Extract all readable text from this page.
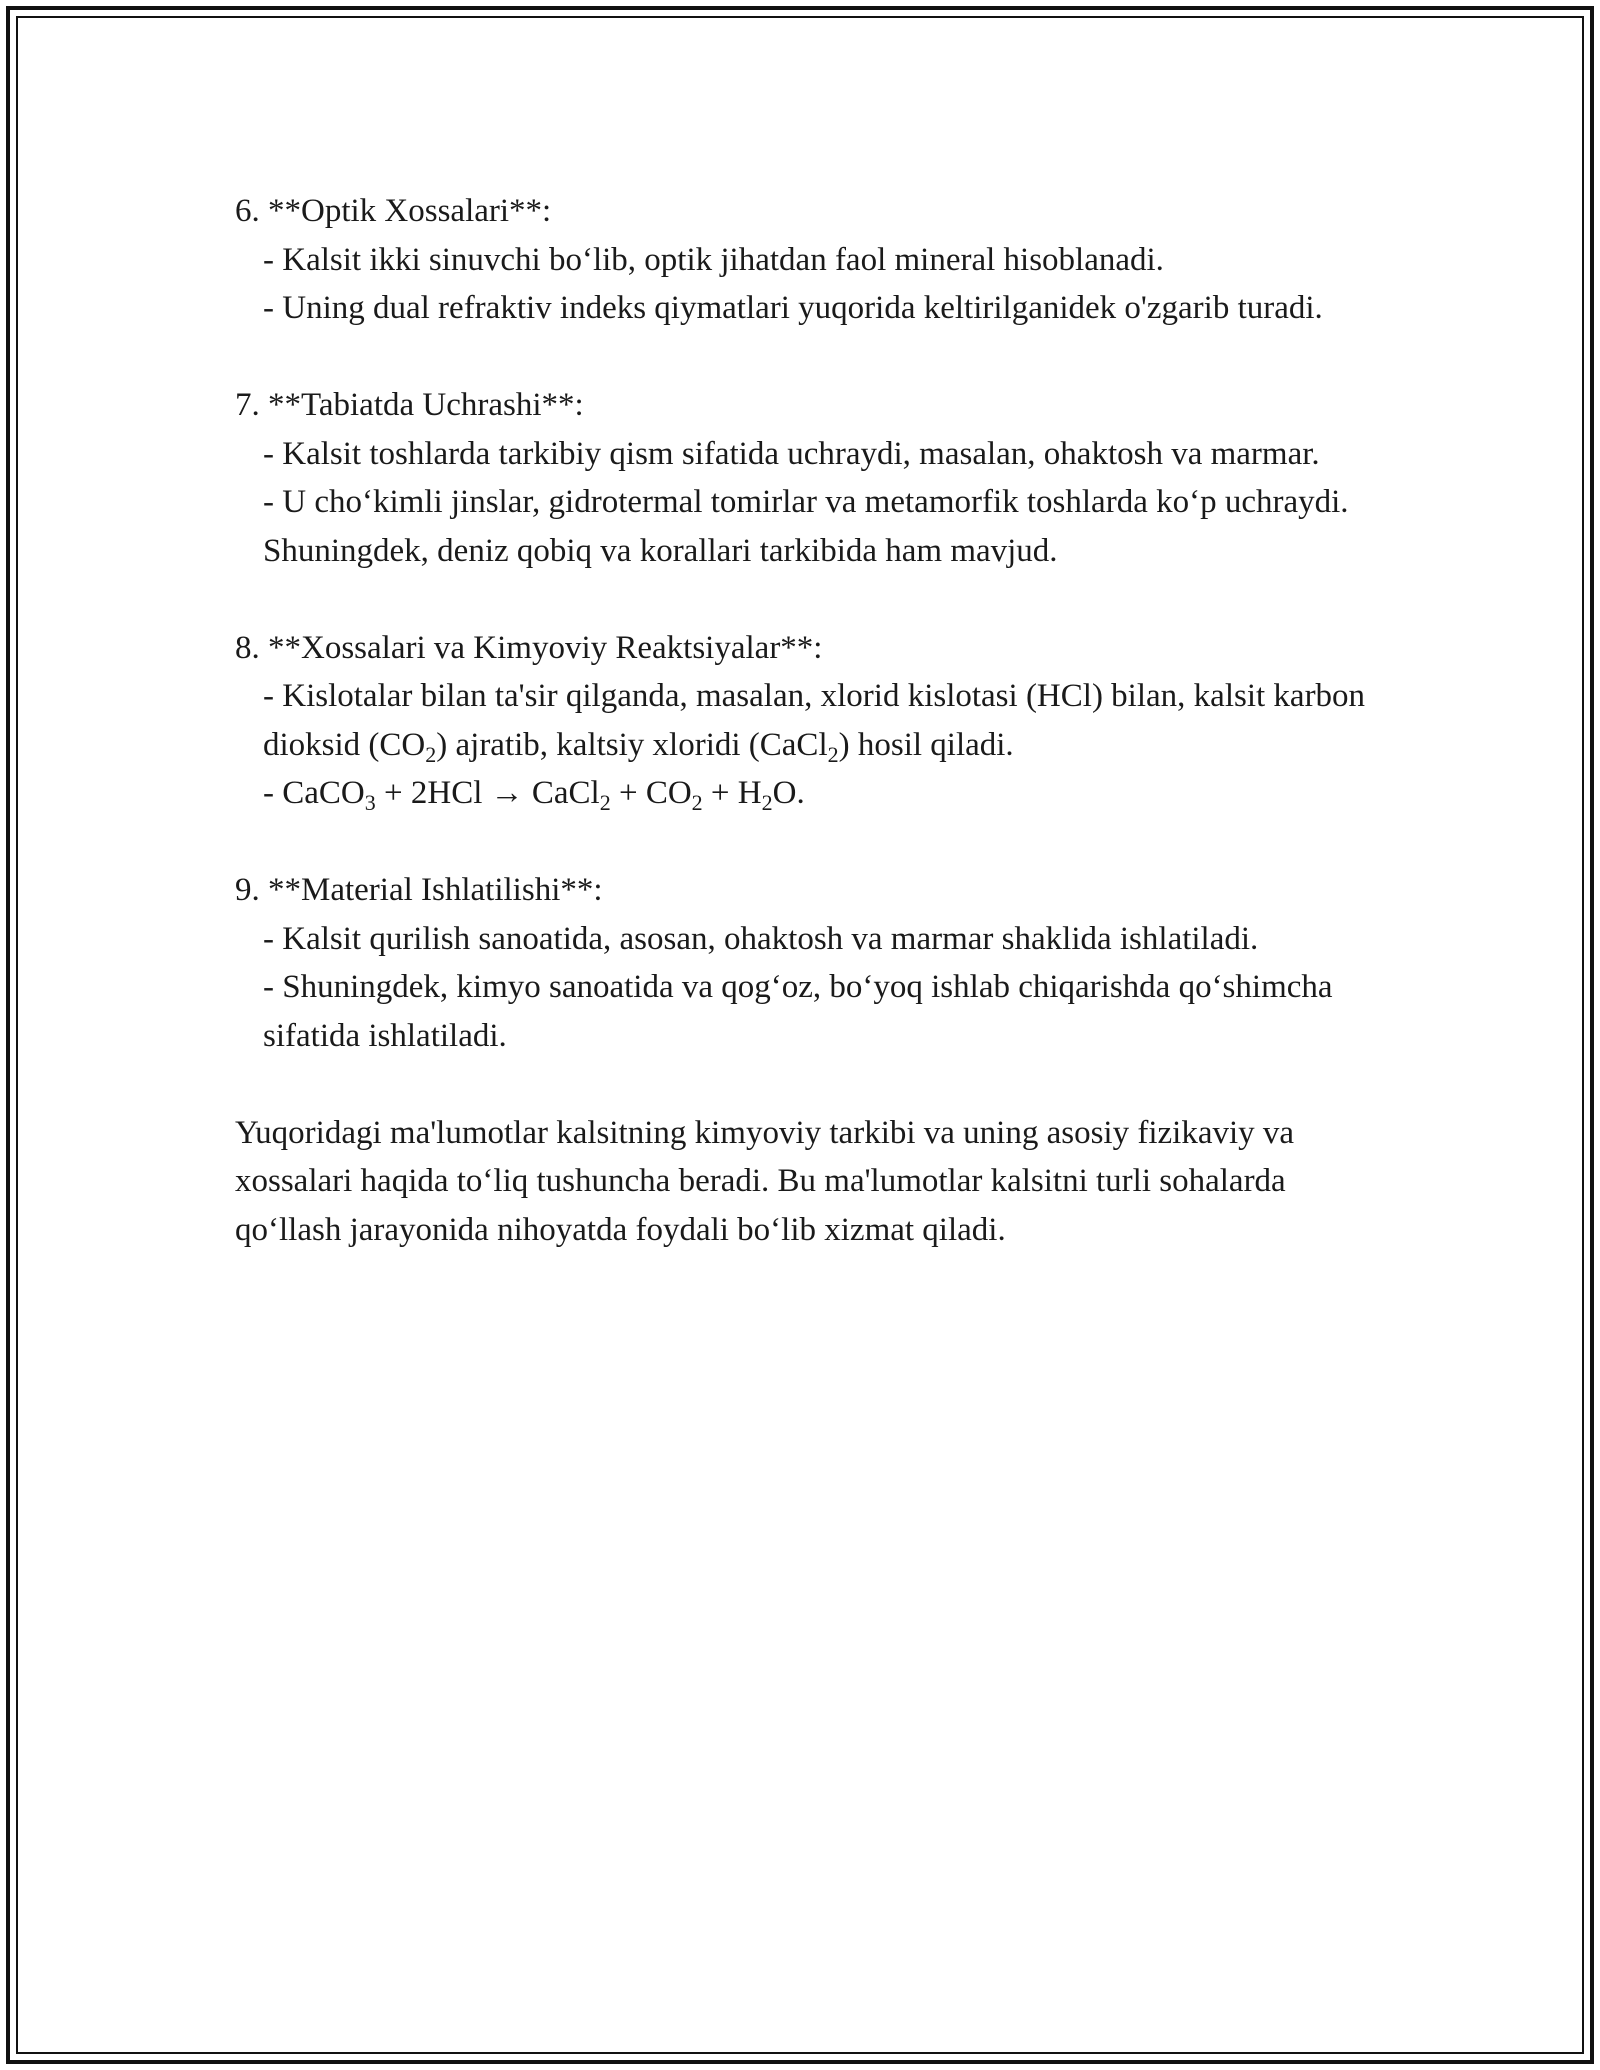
6. **Optik Xossalari**:
- Kalsit ikki sinuvchi bo‘lib, optik jihatdan faol mineral hisoblanadi.
- Uning dual refraktiv indeks qiymatlari yuqorida keltirilganidek o'zgarib turadi.
7. **Tabiatda Uchrashi**:
- Kalsit toshlarda tarkibiy qism sifatida uchraydi, masalan, ohaktosh va marmar.
- U cho‘kimli jinslar, gidrotermal tomirlar va metamorfik toshlarda ko‘p uchraydi. Shuningdek, deniz qobiq va korallari tarkibida ham mavjud.
8. **Xossalari va Kimyoviy Reaktsiyalar**:
- Kislotalar bilan ta'sir qilganda, masalan, xlorid kislotasi (HCl) bilan, kalsit karbon dioksid $(CO_2)$ ajratib, kaltsiy xloridi (CaCl$_2$) hosil qiladi.
- CaCO$_3$ + 2HCl → CaCl$_2$ + $CO_2 + H_2O$.
9. **Material Ishlatilishi**:
- Kalsit qurilish sanoatida, asosan, ohaktosh va marmar shaklida ishlatiladi.
- Shuningdek, kimyo sanoatida va qog‘oz, bo‘yoq ishlab chiqarishda qo‘shimcha sifatida ishlatiladi.
Yuqoridagi ma'lumotlar kalsitning kimyoviy tarkibi va uning asosiy fizikaviy va xossalari haqida to‘liq tushuncha beradi. Bu ma'lumotlar kalsitni turli sohalarda qo‘llash jarayonida nihoyatda foydali bo‘lib xizmat qiladi.
